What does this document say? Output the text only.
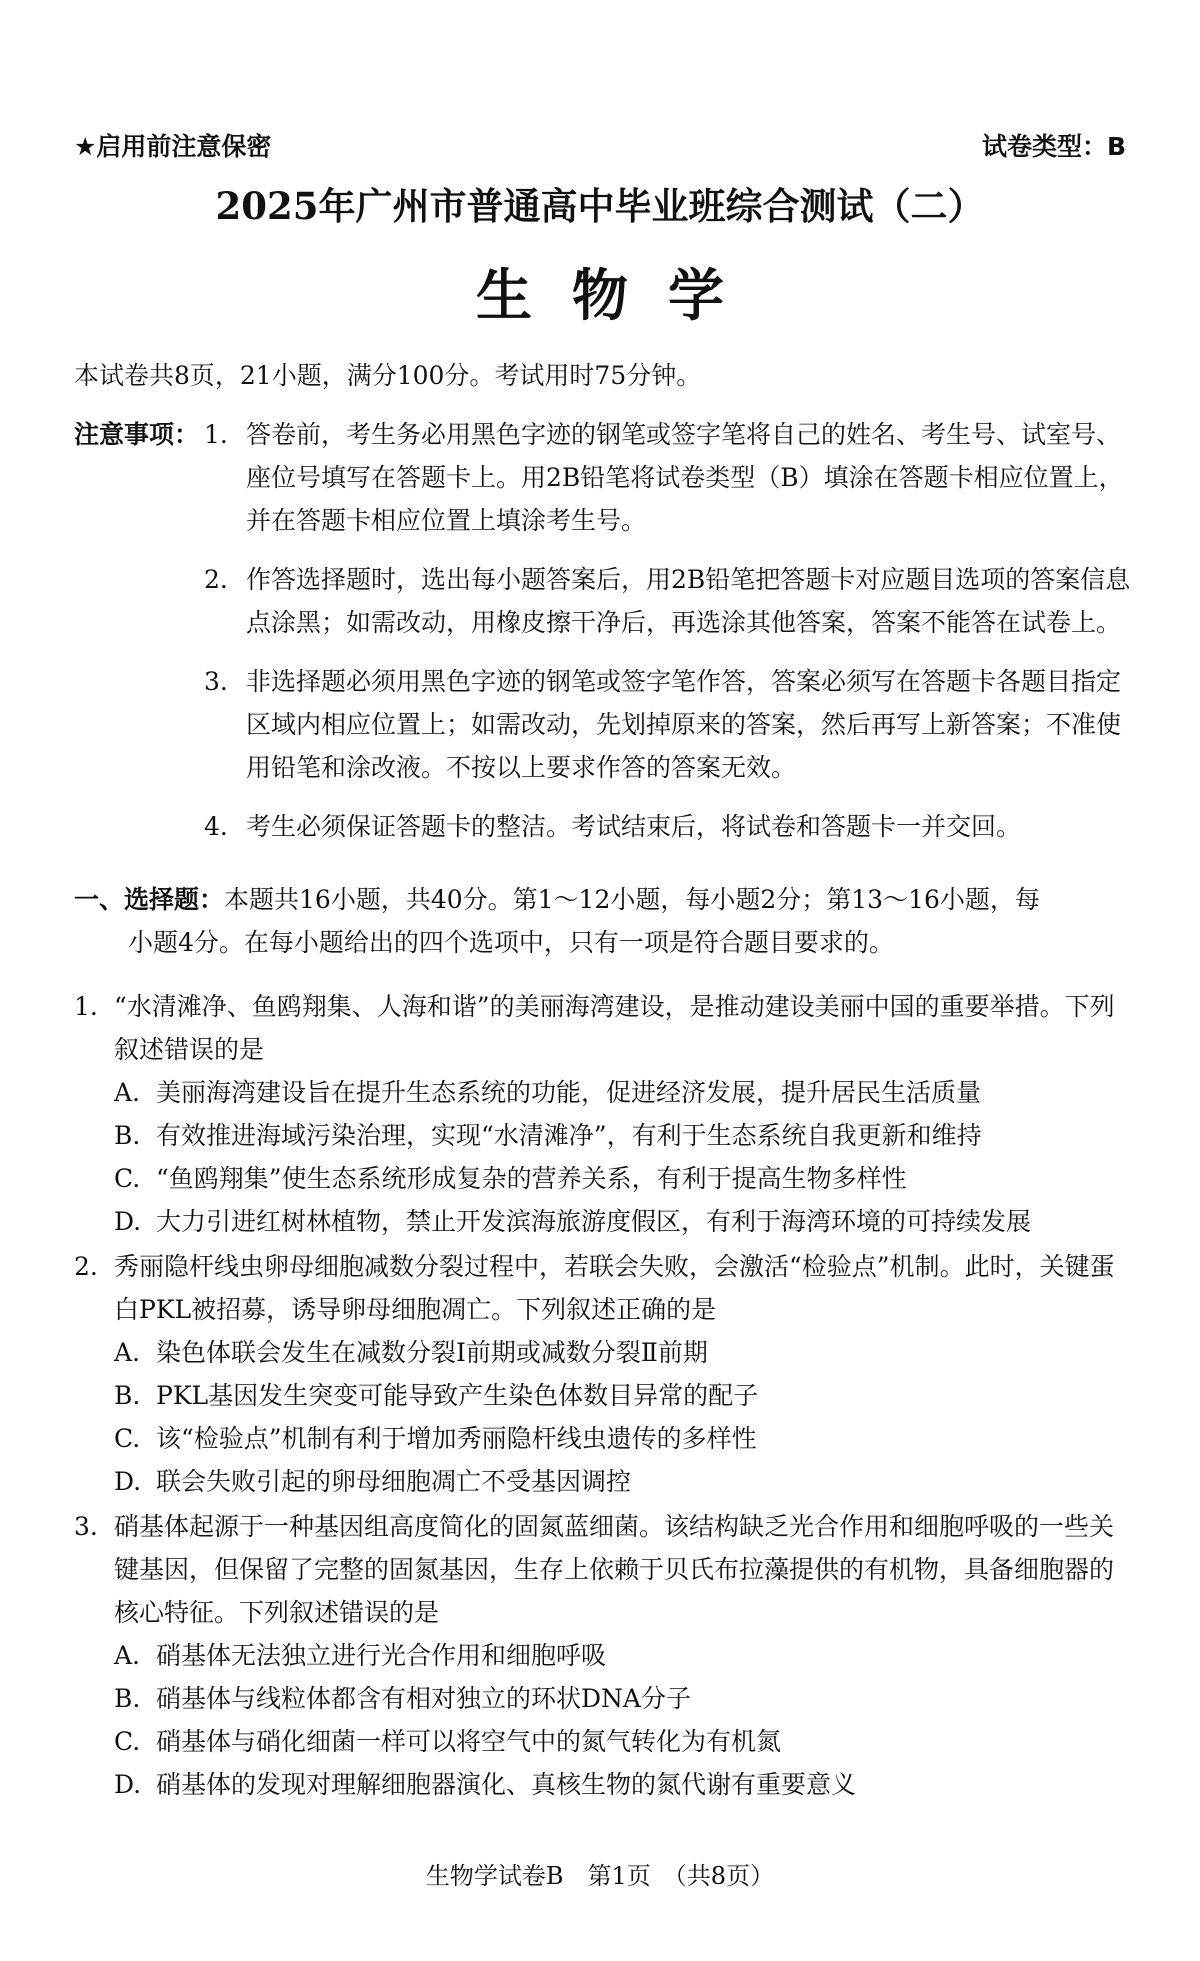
★启用前注意保密	试卷类型：B
2025年广州市普通高中毕业班综合测试（二）
生物学
本试卷共8页，21小题，满分100分。考试用时75分钟。
注意事项： 1. 答卷前，考生务必用黑色字迹的钢笔或签字笔将自己的姓名、考生号、试室号、座位号填写在答题卡上。用2B铅笔将试卷类型（B）填涂在答题卡相应位置上，并在答题卡相应位置上填涂考生号。
2. 作答选择题时，选出每小题答案后，用2B铅笔把答题卡对应题目选项的答案信息点涂黑；如需改动，用橡皮擦干净后，再选涂其他答案，答案不能答在试卷上。
3. 非选择题必须用黑色字迹的钢笔或签字笔作答，答案必须写在答题卡各题目指定区域内相应位置上；如需改动，先划掉原来的答案，然后再写上新答案；不准使用铅笔和涂改液。不按以上要求作答的答案无效。
4. 考生必须保证答题卡的整洁。考试结束后，将试卷和答题卡一并交回。
一、选择题：本题共16小题，共40分。第1～12小题，每小题2分；第13～16小题，每
小题4分。在每小题给出的四个选项中，只有一项是符合题目要求的。
1. “水清滩净、鱼鸥翔集、人海和谐”的美丽海湾建设，是推动建设美丽中国的重要举措。下列叙述错误的是
A. 美丽海湾建设旨在提升生态系统的功能，促进经济发展，提升居民生活质量
B. 有效推进海域污染治理，实现“水清滩净”，有利于生态系统自我更新和维持
C. “鱼鸥翔集”使生态系统形成复杂的营养关系，有利于提高生物多样性
D. 大力引进红树林植物，禁止开发滨海旅游度假区，有利于海湾环境的可持续发展
2. 秀丽隐杆线虫卵母细胞减数分裂过程中，若联会失败，会激活“检验点”机制。此时，关键蛋白PKL被招募，诱导卵母细胞凋亡。下列叙述正确的是
A. 染色体联会发生在减数分裂Ⅰ前期或减数分裂Ⅱ前期
B. PKL基因发生突变可能导致产生染色体数目异常的配子
C. 该“检验点”机制有利于增加秀丽隐杆线虫遗传的多样性
D. 联会失败引起的卵母细胞凋亡不受基因调控
3. 硝基体起源于一种基因组高度简化的固氮蓝细菌。该结构缺乏光合作用和细胞呼吸的一些关键基因，但保留了完整的固氮基因，生存上依赖于贝氏布拉藻提供的有机物，具备细胞器的核心特征。下列叙述错误的是
A. 硝基体无法独立进行光合作用和细胞呼吸
B. 硝基体与线粒体都含有相对独立的环状DNA分子
C. 硝基体与硝化细菌一样可以将空气中的氮气转化为有机氮
D. 硝基体的发现对理解细胞器演化、真核生物的氮代谢有重要意义
生物学试卷B　第1页　（共8页）
